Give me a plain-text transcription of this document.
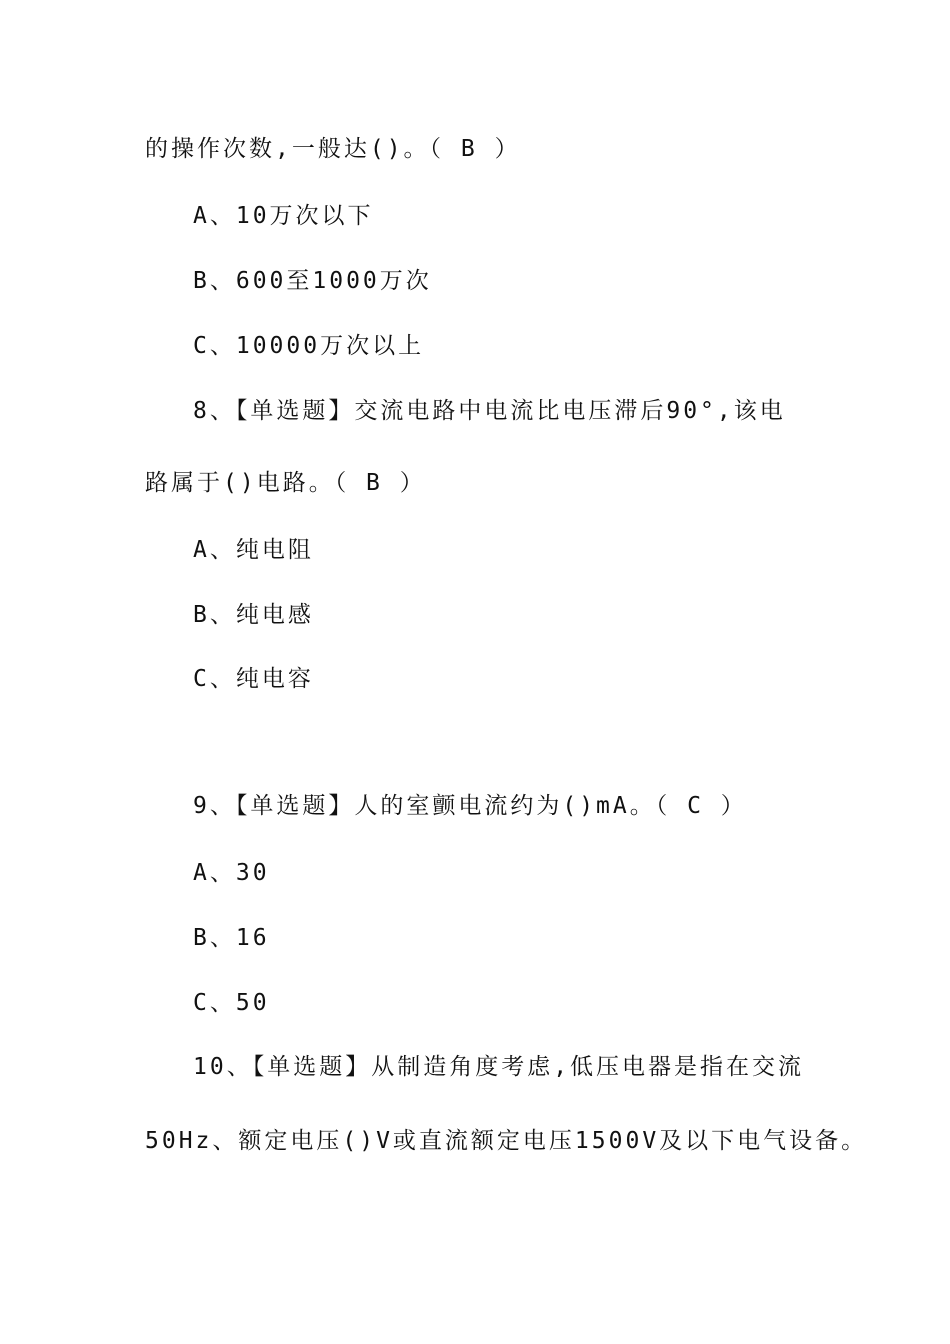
的操作次数,一般达()。（ B ）
A、10万次以下
B、600至1000万次
C、10000万次以上
8、【单选题】交流电路中电流比电压滞后90°,该电
路属于()电路。（ B ）
A、纯电阻
B、纯电感
C、纯电容
9、【单选题】人的室颤电流约为()mA。（ C ）
A、30
B、16
C、50
10、【单选题】从制造角度考虑,低压电器是指在交流
50Hz、额定电压()V或直流额定电压1500V及以下电气设备。
